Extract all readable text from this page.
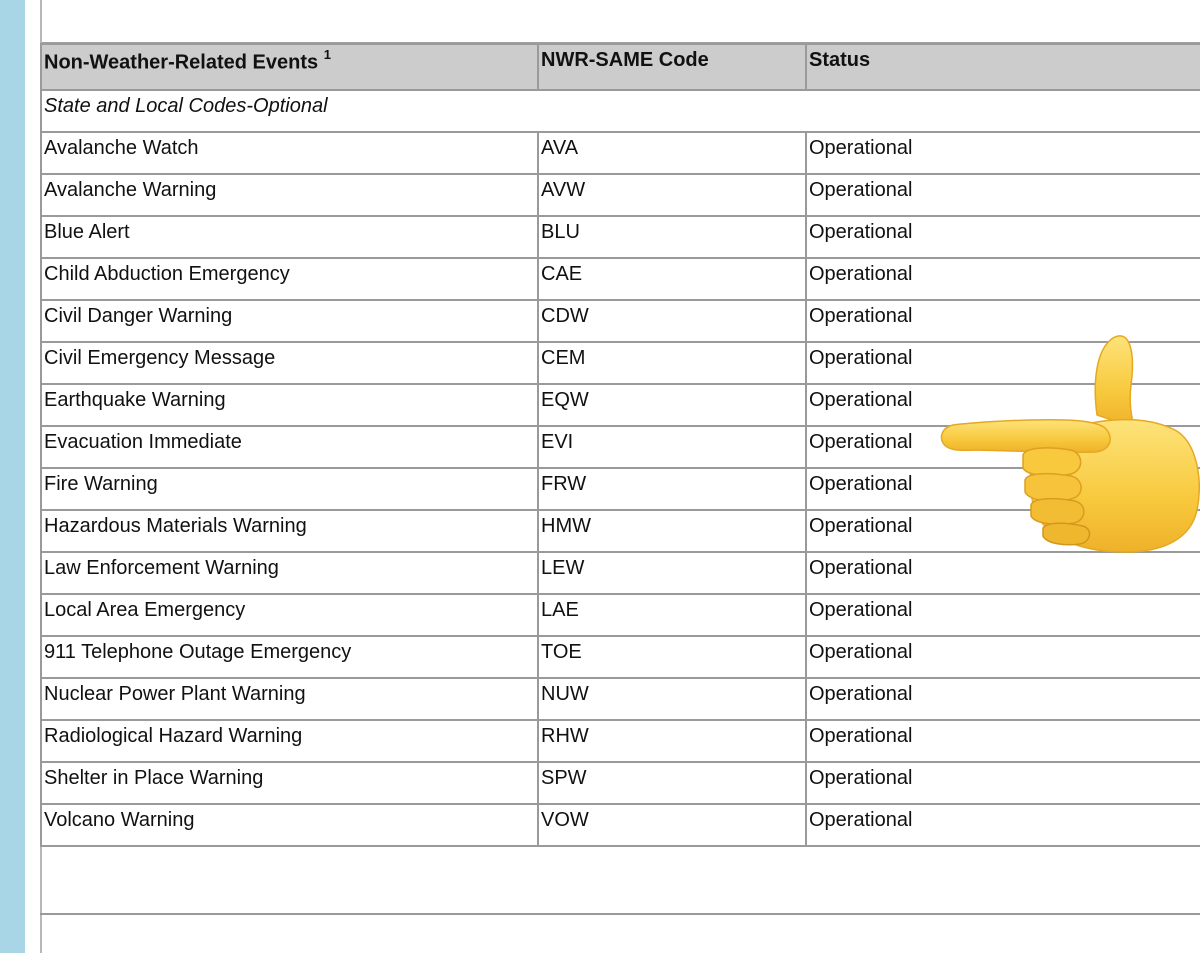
Non-Weather-Related Events $^1$	NWR-SAME Code	Status
State and Local Codes-Optional		
Avalanche Watch	AVA	Operational
Avalanche Warning	AVW	Operational
Blue Alert	BLU	Operational
Child Abduction Emergency	CAE	Operational
Civil Danger Warning	CDW	Operational
Civil Emergency Message	CEM	Operational
Earthquake Warning	EQW	Operational
Evacuation Immediate	EVI	Operational
Fire Warning	FRW	Operational
Hazardous Materials Warning	HMW	Operational
Law Enforcement Warning	LEW	Operational
Local Area Emergency	LAE	Operational
911 Telephone Outage Emergency	TOE	Operational
Nuclear Power Plant Warning	NUW	Operational
Radiological Hazard Warning	RHW	Operational
Shelter in Place Warning	SPW	Operational
Volcano Warning	VOW	Operational
